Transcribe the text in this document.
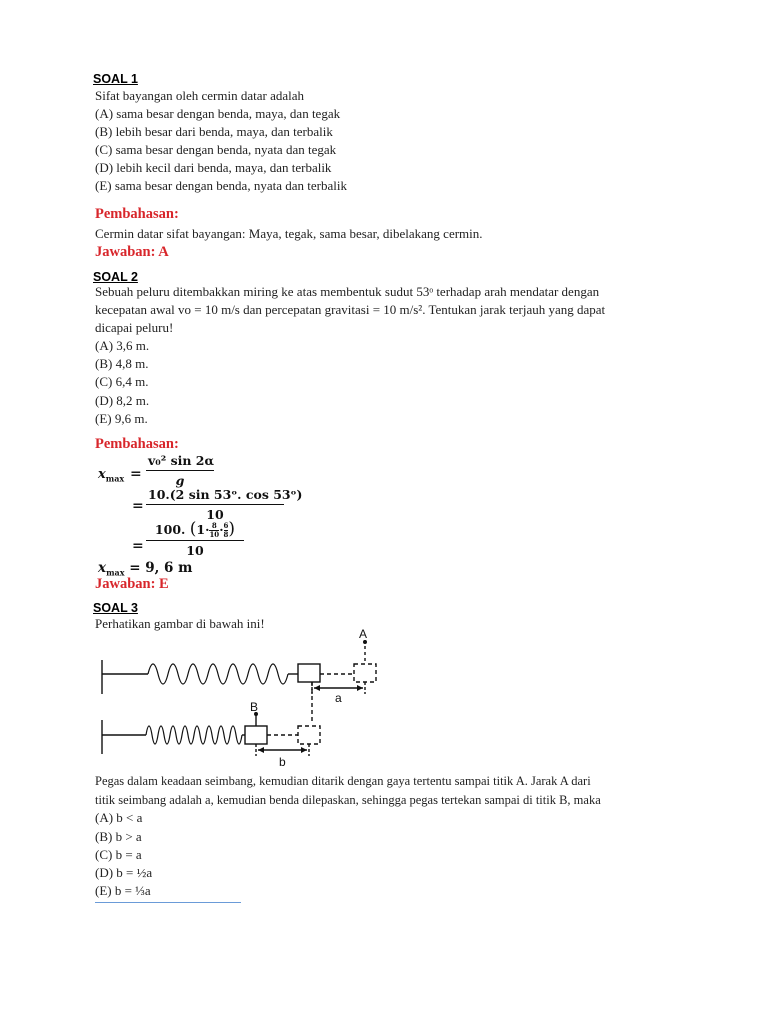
SOAL 1
Sifat bayangan oleh cermin datar adalah
(A) sama besar dengan benda, maya, dan tegak
(B) lebih besar dari benda, maya, dan terbalik
(C) sama besar dengan benda, nyata dan tegak
(D) lebih kecil dari benda, maya, dan terbalik
(E) sama besar dengan benda, nyata dan terbalik
Pembahasan:
Cermin datar sifat bayangan: Maya, tegak, sama besar, dibelakang cermin.
Jawaban: A
SOAL 2
Sebuah peluru ditembakkan miring ke atas membentuk sudut 53ᵒ terhadap arah mendatar dengan
kecepatan awal vo = 10 m/s dan percepatan gravitasi = 10 m/s². Tentukan jarak terjauh yang dapat
dicapai peluru!
(A) 3,6 m.
(B) 4,8 m.
(C) 6,4 m.
(D) 8,2 m.
(E) 9,6 m.
Pembahasan:
$x_{max} = \frac{\text{v₀² sin 2α}}{g}$
= $\frac{\text{10.(2 sin 53ᵒ. cos 53ᵒ)}}{10}$
= $\frac{100. (1\cdot \frac{8}{10} \cdot \frac{6}{8} )}{10}$
$x_{max} = 9$, 6 m
Jawaban: E
SOAL 3
Perhatikan gambar di bawah ini!
A
a
B
b
Pegas dalam keadaan seimbang, kemudian ditarik dengan gaya tertentu sampai titik A. Jarak A dari
titik seimbang adalah a, kemudian benda dilepaskan, sehingga pegas tertekan sampai di titik B, maka
(A) b < a
(B) b > a
(C) b = a
(D) b = ½a
(E) b = ⅓a
